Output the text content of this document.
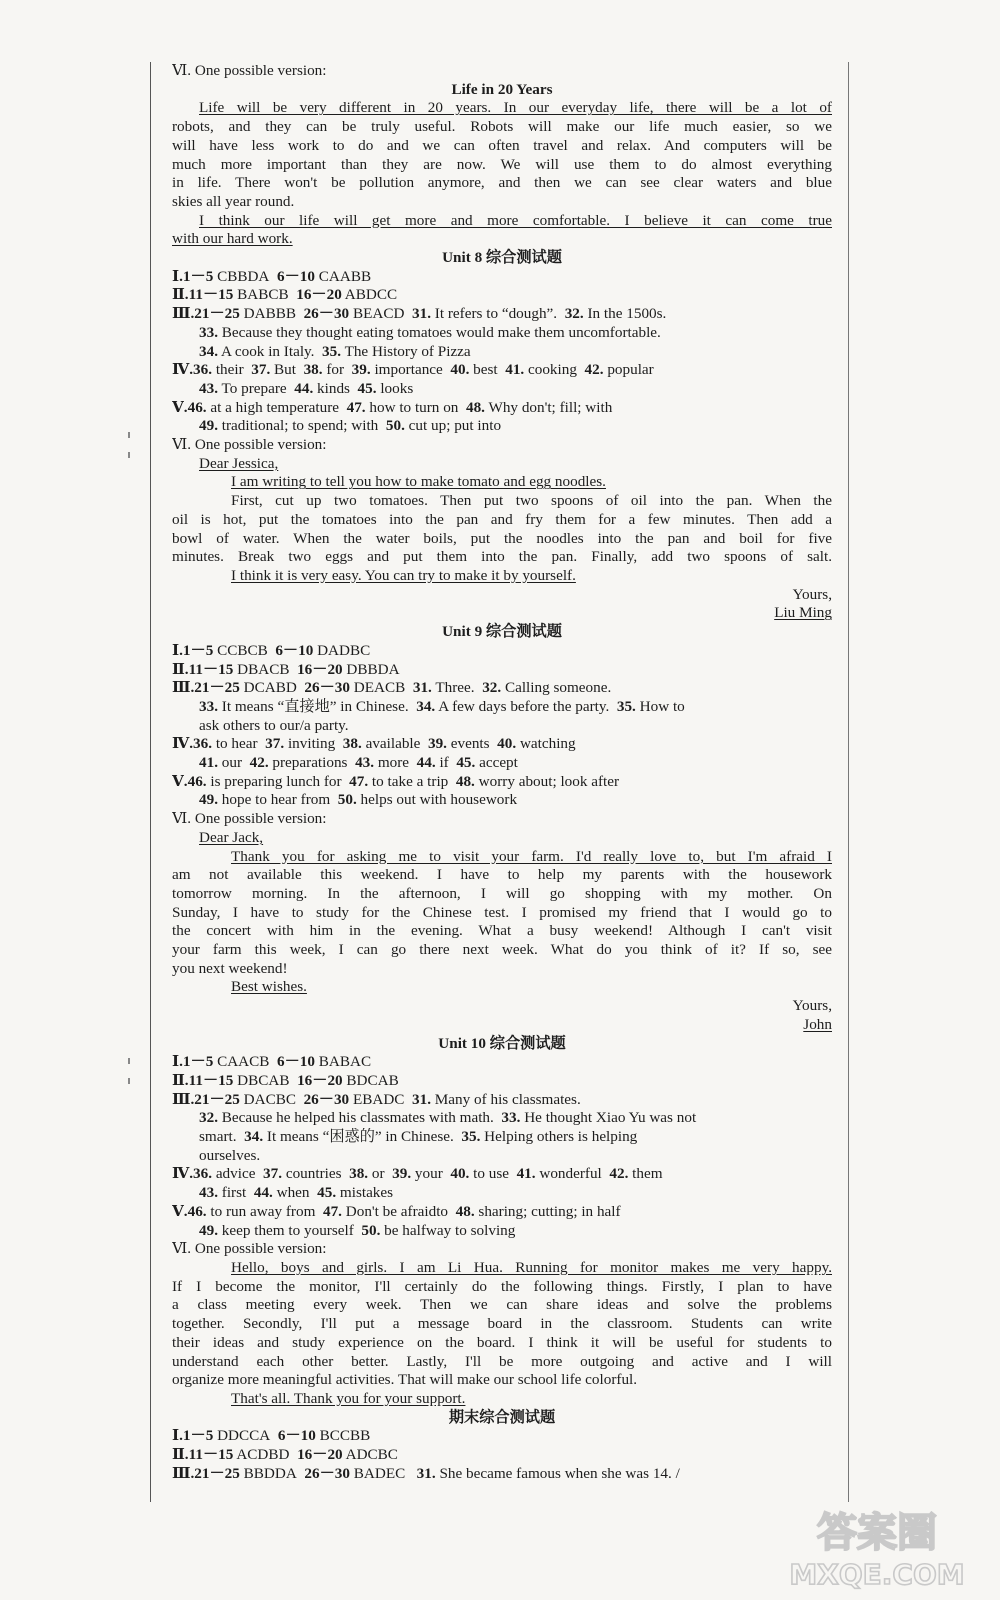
Ⅵ. One possible version:
Life in 20 Years
Life will be very different in 20 years. In our everyday life, there will be a lot of
robots, and they can be truly useful. Robots will make our life much easier, so we
will have less work to do and we can often travel and relax. And computers will be
much more important than they are now. We will use them to do almost everything
in life. There won't be pollution anymore, and then we can see clear waters and blue
skies all year round.
I think our life will get more and more comfortable. I believe it can come true
with our hard work.
Unit 8 综合测试题
Ⅰ.1－5 CBBDA 6－10 CAABB
Ⅱ.11－15 BABCB 16－20 ABDCC
Ⅲ.21－25 DABBB 26－30 BEACD 31. It refers to “dough”. 32. In the 1500s.
33. Because they thought eating tomatoes would make them uncomfortable.
34. A cook in Italy. 35. The History of Pizza
Ⅳ.36. their 37. But 38. for 39. importance 40. best 41. cooking 42. popular
43. To prepare 44. kinds 45. looks
Ⅴ.46. at a high temperature 47. how to turn on 48. Why don't; fill; with
49. traditional; to spend; with 50. cut up; put into
Ⅵ. One possible version:
Dear Jessica,
I am writing to tell you how to make tomato and egg noodles.
First, cut up two tomatoes. Then put two spoons of oil into the pan. When the
oil is hot, put the tomatoes into the pan and fry them for a few minutes. Then add a
bowl of water. When the water boils, put the noodles into the pan and boil for five
minutes. Break two eggs and put them into the pan. Finally, add two spoons of salt.
I think it is very easy. You can try to make it by yourself.
Yours,
Liu Ming
Unit 9 综合测试题
Ⅰ.1－5 CCBCB 6－10 DADBC
Ⅱ.11－15 DBACB 16－20 DBBDA
Ⅲ.21－25 DCABD 26－30 DEACB 31. Three. 32. Calling someone.
33. It means “直接地” in Chinese. 34. A few days before the party. 35. How to
ask others to our/a party.
Ⅳ.36. to hear 37. inviting 38. available 39. events 40. watching
41. our 42. preparations 43. more 44. if 45. accept
Ⅴ.46. is preparing lunch for 47. to take a trip 48. worry about; look after
49. hope to hear from 50. helps out with housework
Ⅵ. One possible version:
Dear Jack,
Thank you for asking me to visit your farm. I'd really love to, but I'm afraid I
am not available this weekend. I have to help my parents with the housework
tomorrow morning. In the afternoon, I will go shopping with my mother. On
Sunday, I have to study for the Chinese test. I promised my friend that I would go to
the concert with him in the evening. What a busy weekend! Although I can't visit
your farm this week, I can go there next week. What do you think of it? If so, see
you next weekend!
Best wishes.
Yours,
John
Unit 10 综合测试题
Ⅰ.1－5 CAACB 6－10 BABAC
Ⅱ.11－15 DBCAB 16－20 BDCAB
Ⅲ.21－25 DACBC 26－30 EBADC 31. Many of his classmates.
32. Because he helped his classmates with math. 33. He thought Xiao Yu was not
smart. 34. It means “困惑的” in Chinese. 35. Helping others is helping
ourselves.
Ⅳ.36. advice 37. countries 38. or 39. your 40. to use 41. wonderful 42. them
43. first 44. when 45. mistakes
Ⅴ.46. to run away from 47. Don't be afraidto 48. sharing; cutting; in half
49. keep them to yourself 50. be halfway to solving
Ⅵ. One possible version:
Hello, boys and girls. I am Li Hua. Running for monitor makes me very happy.
If I become the monitor, I'll certainly do the following things. Firstly, I plan to have
a class meeting every week. Then we can share ideas and solve the problems
together. Secondly, I'll put a message board in the classroom. Students can write
their ideas and study experience on the board. I think it will be useful for students to
understand each other better. Lastly, I'll be more outgoing and active and I will
organize more meaningful activities. That will make our school life colorful.
That's all. Thank you for your support.
期末综合测试题
Ⅰ.1－5 DDCCA 6－10 BCCBB
Ⅱ.11－15 ACDBD 16－20 ADCBC
Ⅲ.21－25 BBDDA 26－30 BADEC 31. She became famous when she was 14. /
答案圈
MXQE.COM
